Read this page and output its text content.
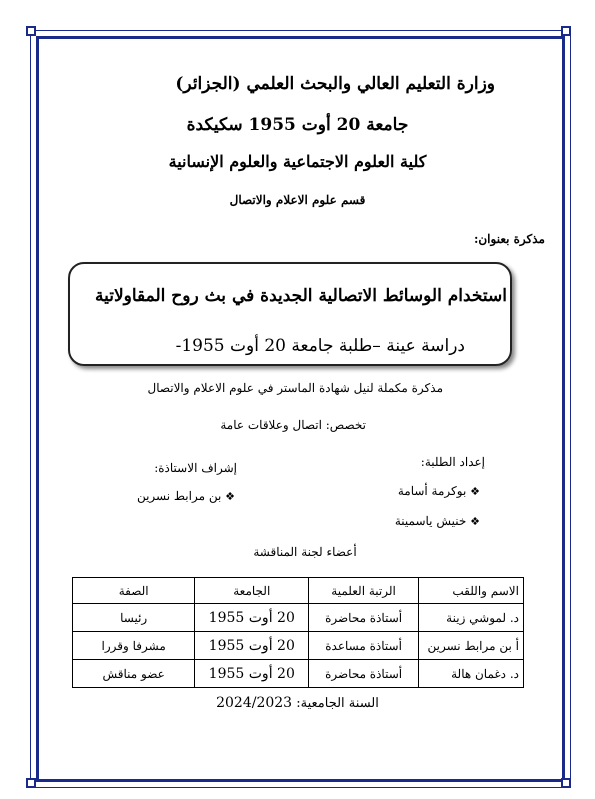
وزارة التعليم العالي والبحث العلمي (الجزائر)
جامعة 20 أوت 1955 سكيكدة
كلية العلوم الاجتماعية والعلوم الإنسانية
قسم علوم الاعلام والاتصال
مذكرة بعنوان:
استخدام الوسائط الاتصالية الجديدة في بث روح المقاولاتية
دراسة عينة –طلبة جامعة 20 أوت 1955-
مذكرة مكملة لنيل شهادة الماستر في علوم الاعلام والاتصال
تخصص: اتصال وعلاقات عامة
إعداد الطلبة:
❖ بوكرمة أسامة
❖ خنيش ياسمينة
إشراف الاستاذة:
❖ بن مرابط نسرين
أعضاء لجنة المناقشة
الاسم واللقب	الرتبة العلمية	الجامعة	الصفة
د. لموشي زينة	أستاذة محاضرة	20 أوت 1955	رئيسا
أ بن مرابط نسرين	أستاذة مساعدة	20 أوت 1955	مشرفا وقررا
د. دغمان هالة	أستاذة محاضرة	20 أوت 1955	عضو مناقش
السنة الجامعية: 2024/2023
